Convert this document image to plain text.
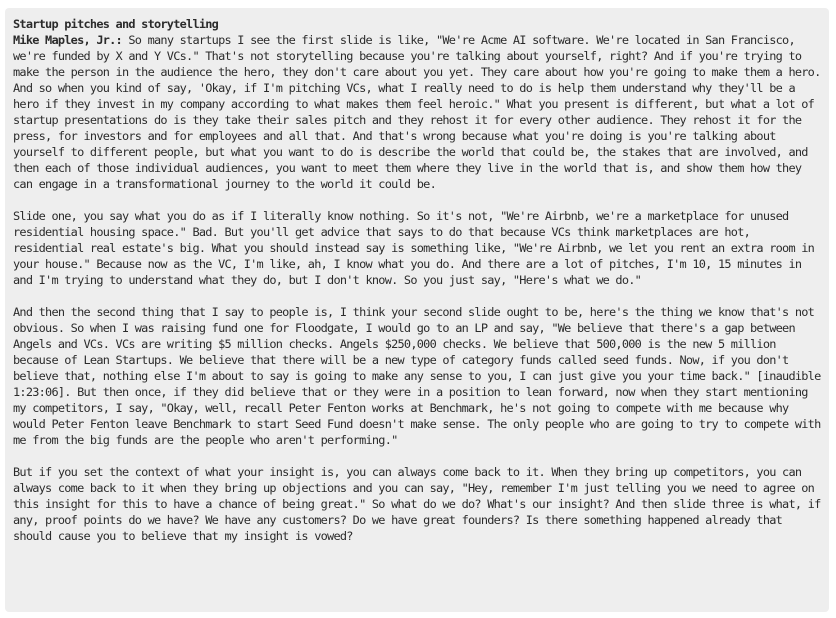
Startup pitches and storytelling

Mike Maples, Jr.: So many startups I see the first slide is like, "We're Acme AI software. We're located in San Francisco, we're funded by X and Y VCs." That's not storytelling because you're talking about yourself, right? And if you're trying to make the person in the audience the hero, they don't care about you yet. They care about how you're going to make them a hero. And so when you kind of say, 'Okay, if I'm pitching VCs, what I really need to do is help them understand why they'll be a hero if they invest in my company according to what makes them feel heroic." What you present is different, but what a lot of startup presentations do is they take their sales pitch and they rehost it for every other audience. They rehost it for the press, for investors and for employees and all that. And that's wrong because what you're doing is you're talking about yourself to different people, but what you want to do is describe the world that could be, the stakes that are involved, and then each of those individual audiences, you want to meet them where they live in the world that is, and show them how they can engage in a transformational journey to the world it could be.

Slide one, you say what you do as if I literally know nothing. So it's not, "We're Airbnb, we're a marketplace for unused residential housing space." Bad. But you'll get advice that says to do that because VCs think marketplaces are hot, residential real estate's big. What you should instead say is something like, "We're Airbnb, we let you rent an extra room in your house." Because now as the VC, I'm like, ah, I know what you do. And there are a lot of pitches, I'm 10, 15 minutes in and I'm trying to understand what they do, but I don't know. So you just say, "Here's what we do."

And then the second thing that I say to people is, I think your second slide ought to be, here's the thing we know that's not obvious. So when I was raising fund one for Floodgate, I would go to an LP and say, "We believe that there's a gap between Angels and VCs. VCs are writing $5 million checks. Angels $250,000 checks. We believe that 500,000 is the new 5 million because of Lean Startups. We believe that there will be a new type of category funds called seed funds. Now, if you don't believe that, nothing else I'm about to say is going to make any sense to you, I can just give you your time back." [inaudible 1:23:06]. But then once, if they did believe that or they were in a position to lean forward, now when they start mentioning my competitors, I say, "Okay, well, recall Peter Fenton works at Benchmark, he's not going to compete with me because why would Peter Fenton leave Benchmark to start Seed Fund doesn't make sense. The only people who are going to try to compete with me from the big funds are the people who aren't performing."

But if you set the context of what your insight is, you can always come back to it. When they bring up competitors, you can always come back to it when they bring up objections and you can say, "Hey, remember I'm just telling you we need to agree on this insight for this to have a chance of being great." So what do we do? What's our insight? And then slide three is what, if any, proof points do we have? We have any customers? Do we have great founders? Is there something happened already that should cause you to believe that my insight is vowed?
